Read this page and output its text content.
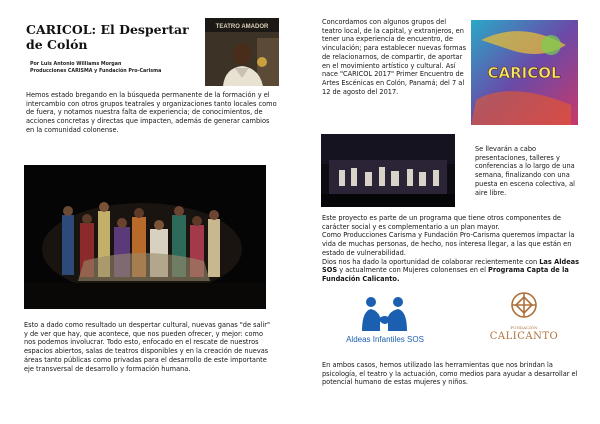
CARICOL: El Despertar
de Colón
Por Luis Antonio Williams Morgan
Producciones CARISMA y Fundación Pro-Carisma
TEATRO AMADOR
Hemos estado bregando en la búsqueda permanente de la formación y el intercambio con otros grupos teatrales y organizaciones tanto locales como de fuera, y notamos nuestra falta de experiencia; de conocimientos, de acciones concretas y directas que impacten, además de generar cambios en la comunidad colonense.
Esto a dado como resultado un despertar cultural, nuevas ganas "de salir" y de ver que hay, que acontece, que nos pueden ofrecer, y mejor: como nos podemos involucrar. Todo esto, enfocado en el rescate de nuestros espacios abiertos, salas de teatros disponibles y en la creación de nuevas áreas tanto públicas como privadas para el desarrollo de este importante eje transversal de desarrollo y formación humana.
Concordamos con algunos grupos del teatro local, de la capital, y extranjeros, en tener una experiencia de encuentro, de vinculación; para establecer nuevas formas de relacionarnos, de compartir, de aportar en el movimiento artístico y cultural. Así nace "CARICOL 2017" Primer Encuentro de Artes Escénicas en Colón, Panamá; del 7 al 12 de agosto del 2017.
CARICOL
Se llevarán a cabo presentaciones, talleres y conferencias a lo largo de una semana, finalizando con una puesta en escena colectiva, al aire libre.
Este proyecto es parte de un programa que tiene otros componentes de carácter social y es complementario a un plan mayor.
Como Producciones Carisma y Fundación Pro-Carisma queremos impactar la vida de muchas personas, de hecho, nos interesa llegar, a las que están en estado de vulnerabilidad.
Dios nos ha dado la oportunidad de colaborar recientemente con Las Aldeas SOS y actualmente con Mujeres colonenses en el Programa Capta de la Fundación Calicanto.
Aldeas Infantiles SOS
FUNDACIÓN
CALICANTO
En ambos casos, hemos utilizado las herramientas que nos brindan la psicología, el teatro y la actuación, como medios para ayudar a desarrollar el potencial humano de estas mujeres y niños.
